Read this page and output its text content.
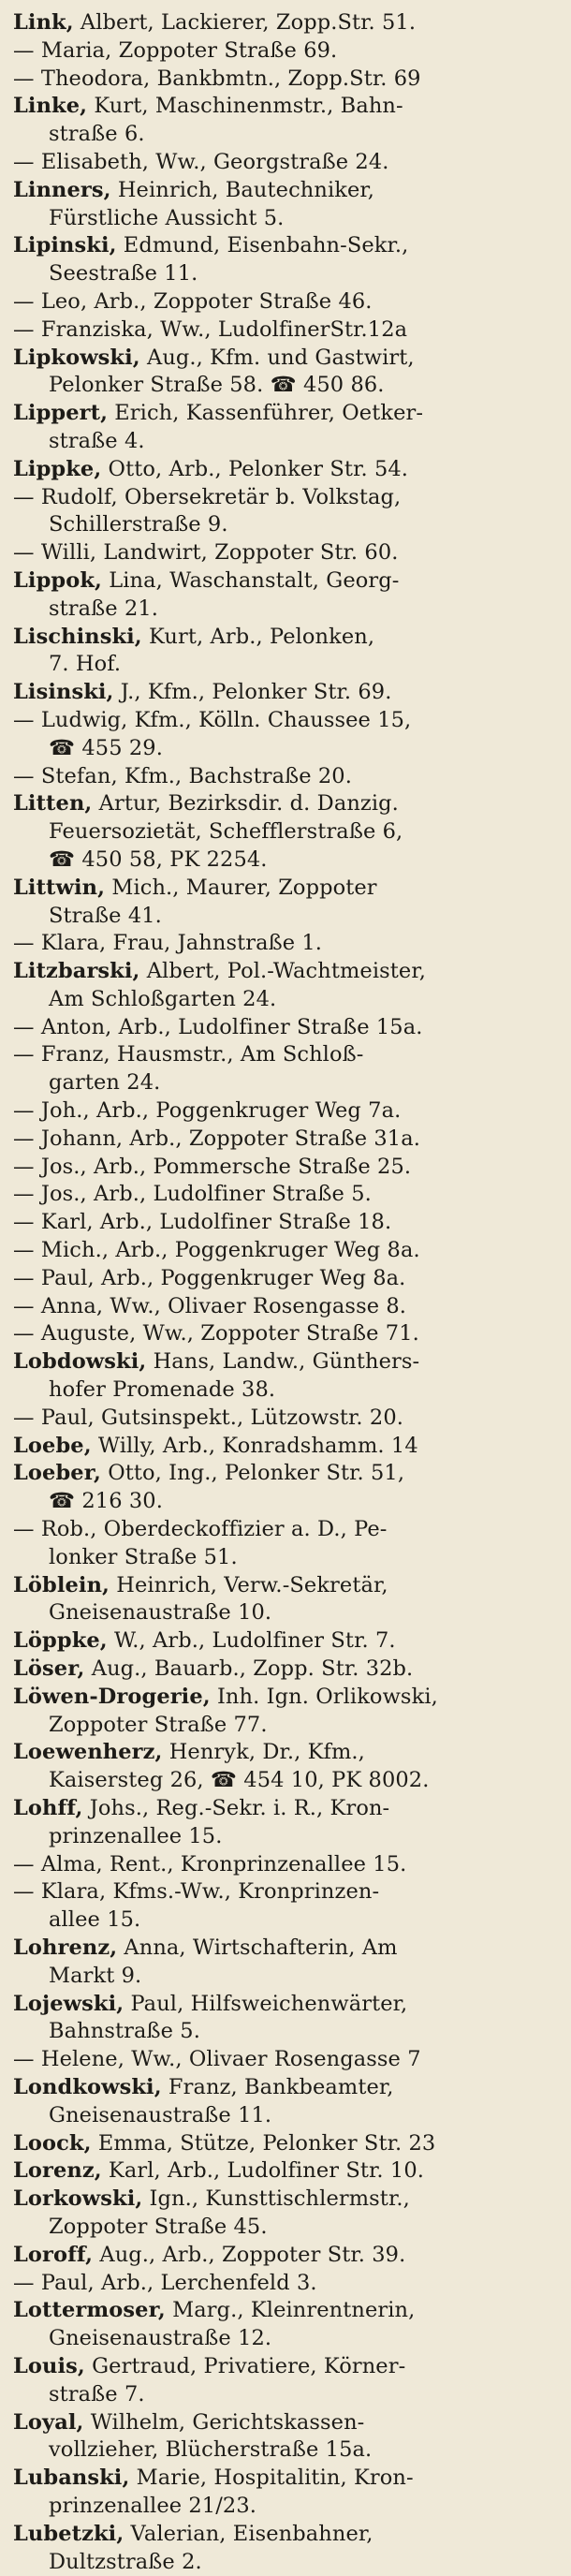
Link, Albert, Lackierer, Zopp.Str. 51.
— Maria, Zoppoter Straße 69.
— Theodora, Bankbmtn., Zopp.Str. 69
Linke, Kurt, Maschinenmstr., Bahn-
straße 6.
— Elisabeth, Ww., Georgstraße 24.
Linners, Heinrich, Bautechniker,
Fürstliche Aussicht 5.
Lipinski, Edmund, Eisenbahn-Sekr.,
Seestraße 11.
— Leo, Arb., Zoppoter Straße 46.
— Franziska, Ww., LudolfinerStr.12a
Lipkowski, Aug., Kfm. und Gastwirt,
Pelonker Straße 58. ☎ 450 86.
Lippert, Erich, Kassenführer, Oetker-
straße 4.
Lippke, Otto, Arb., Pelonker Str. 54.
— Rudolf, Obersekretär b. Volkstag,
Schillerstraße 9.
— Willi, Landwirt, Zoppoter Str. 60.
Lippok, Lina, Waschanstalt, Georg-
straße 21.
Lischinski, Kurt, Arb., Pelonken,
7. Hof.
Lisinski, J., Kfm., Pelonker Str. 69.
— Ludwig, Kfm., Kölln. Chaussee 15,
☎ 455 29.
— Stefan, Kfm., Bachstraße 20.
Litten, Artur, Bezirksdir. d. Danzig.
Feuersozietät, Schefflerstraße 6,
☎ 450 58, PK 2254.
Littwin, Mich., Maurer, Zoppoter
Straße 41.
— Klara, Frau, Jahnstraße 1.
Litzbarski, Albert, Pol.-Wachtmeister,
Am Schloßgarten 24.
— Anton, Arb., Ludolfiner Straße 15a.
— Franz, Hausmstr., Am Schloß-
garten 24.
— Joh., Arb., Poggenkruger Weg 7a.
— Johann, Arb., Zoppoter Straße 31a.
— Jos., Arb., Pommersche Straße 25.
— Jos., Arb., Ludolfiner Straße 5.
— Karl, Arb., Ludolfiner Straße 18.
— Mich., Arb., Poggenkruger Weg 8a.
— Paul, Arb., Poggenkruger Weg 8a.
— Anna, Ww., Olivaer Rosengasse 8.
— Auguste, Ww., Zoppoter Straße 71.
Lobdowski, Hans, Landw., Günthers-
hofer Promenade 38.
— Paul, Gutsinspekt., Lützowstr. 20.
Loebe, Willy, Arb., Konradshamm. 14
Loeber, Otto, Ing., Pelonker Str. 51,
☎ 216 30.
— Rob., Oberdeckoffizier a. D., Pe-
lonker Straße 51.
Löblein, Heinrich, Verw.-Sekretär,
Gneisenaustraße 10.
Löppke, W., Arb., Ludolfiner Str. 7.
Löser, Aug., Bauarb., Zopp. Str. 32b.
Löwen-Drogerie, Inh. Ign. Orlikowski,
Zoppoter Straße 77.
Loewenherz, Henryk, Dr., Kfm.,
Kaisersteg 26, ☎ 454 10, PK 8002.
Lohff, Johs., Reg.-Sekr. i. R., Kron-
prinzenallee 15.
— Alma, Rent., Kronprinzenallee 15.
— Klara, Kfms.-Ww., Kronprinzen-
allee 15.
Lohrenz, Anna, Wirtschafterin, Am
Markt 9.
Lojewski, Paul, Hilfsweichenwärter,
Bahnstraße 5.
— Helene, Ww., Olivaer Rosengasse 7
Londkowski, Franz, Bankbeamter,
Gneisenaustraße 11.
Loock, Emma, Stütze, Pelonker Str. 23
Lorenz, Karl, Arb., Ludolfiner Str. 10.
Lorkowski, Ign., Kunsttischlermstr.,
Zoppoter Straße 45.
Loroff, Aug., Arb., Zoppoter Str. 39.
— Paul, Arb., Lerchenfeld 3.
Lottermoser, Marg., Kleinrentnerin,
Gneisenaustraße 12.
Louis, Gertraud, Privatiere, Körner-
straße 7.
Loyal, Wilhelm, Gerichtskassen-
vollzieher, Blücherstraße 15a.
Lubanski, Marie, Hospitalitin, Kron-
prinzenallee 21/23.
Lubetzki, Valerian, Eisenbahner,
Dultzstraße 2.
